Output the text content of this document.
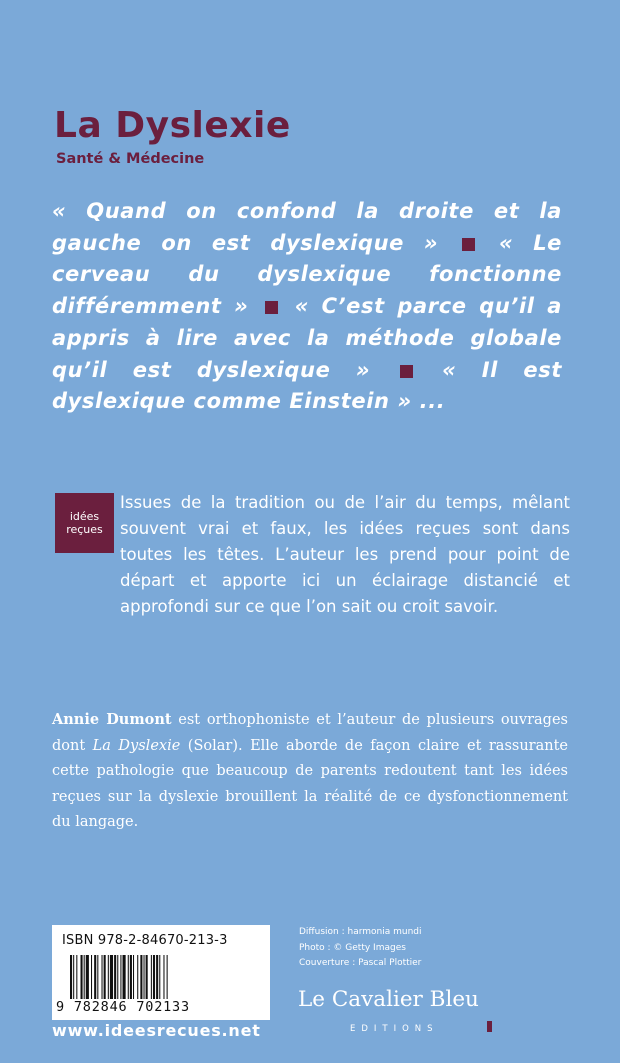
La Dyslexie
Santé & Médecine
« Quand on confond la droite et la gauche on est dyslexique »	« Le cerveau du dyslexique fonctionne différemment » « C’est parce qu’il a appris à lire avec la méthode globale qu’il est dyslexique »	« Il est dyslexique comme Einstein » ...
idées
reçues
Issues de la tradition ou de l’air du temps, mêlant souvent vrai et faux, les idées reçues sont dans toutes les têtes. L’auteur les prend pour point de départ et apporte ici un éclairage distancié et approfondi sur ce que l’on sait ou croit savoir.
Annie Dumont est orthophoniste et l’auteur de plusieurs ouvrages dont La Dyslexie (Solar). Elle aborde de façon claire et rassurante cette pathologie que beaucoup de parents redoutent tant les idées reçues sur la dyslexie brouillent la réalité de ce dysfonctionnement du langage.
ISBN 978-2-84670-213-3
9 782846 702133
Diffusion : harmonia mundi
Photo : © Getty Images
Couverture : Pascal Plottier
Le Cavalier Bleu
EDITIONS
www.ideesrecues.net
